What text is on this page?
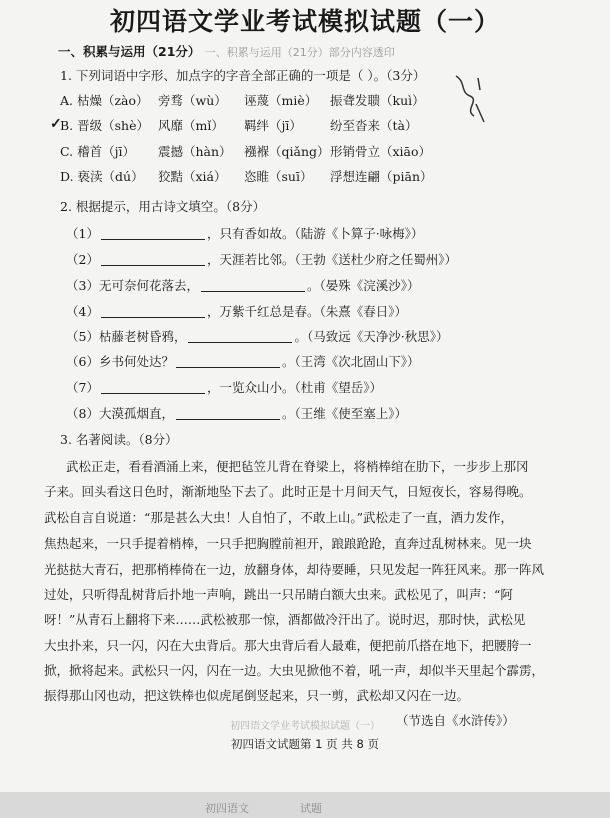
初四语文学业考试模拟试题（一）
一、积累与运用（21分） 一、积累与运用（21分）部分内容透印
1. 下列词语中字形、加点字的字音全部正确的一项是（ ）。（3分）
A. 枯燥（zào） 旁骛（wù） 诬蔑（miè） 振聋发聩（kuì）
B. 晋级（shè） 风靡（mǐ） 羁绊（jī） 纷至沓来（tà）
C. 稽首（jī） 震撼（hàn） 襁褓（qiǎng） 形销骨立（xiāo）
D. 亵渎（dú） 狡黠（xiá） 恣睢（suī） 浮想连翩（piān）
✓
2. 根据提示，用古诗文填空。（8分）
（1）	，只有香如故。（陆游《卜算子·咏梅》）
（2）	，天涯若比邻。（王勃《送杜少府之任蜀州》）
（3）无可奈何花落去，	。（晏殊《浣溪沙》）
（4）	，万紫千红总是春。（朱熹《春日》）
（5）枯藤老树昏鸦，	。（马致远《天净沙·秋思》）
（6）乡书何处达？	。（王湾《次北固山下》）
（7）	，一览众山小。（杜甫《望岳》）
（8）大漠孤烟直，	。（王维《使至塞上》）
3. 名著阅读。（8分）
武松正走，看看酒涌上来，便把毡笠儿背在脊梁上，将梢棒绾在肋下，一步步上那冈
子来。回头看这日色时，渐渐地坠下去了。此时正是十月间天气，日短夜长，容易得晚。
武松自言自说道：“那是甚么大虫！人自怕了，不敢上山。”武松走了一直，酒力发作，
焦热起来，一只手提着梢棒，一只手把胸膛前袒开，踉踉跄跄，直奔过乱树林来。见一块
光挞挞大青石，把那梢棒倚在一边，放翻身体，却待要睡，只见发起一阵狂风来。那一阵风
过处，只听得乱树背后扑地一声响，跳出一只吊睛白额大虫来。武松见了，叫声：“阿
呀！”从青石上翻将下来……武松被那一惊，酒都做冷汗出了。说时迟，那时快，武松见
大虫扑来，只一闪，闪在大虫背后。那大虫背后看人最难，便把前爪搭在地下，把腰胯一
掀，掀将起来。武松只一闪，闪在一边。大虫见掀他不着，吼一声，却似半天里起个霹雳，
振得那山冈也动，把这铁棒也似虎尾倒竖起来，只一剪，武松却又闪在一边。
（节选自《水浒传》）
初四语文学业考试模拟试题（一）
初四语文试题第 1 页 共 8 页
初四语文	试题
